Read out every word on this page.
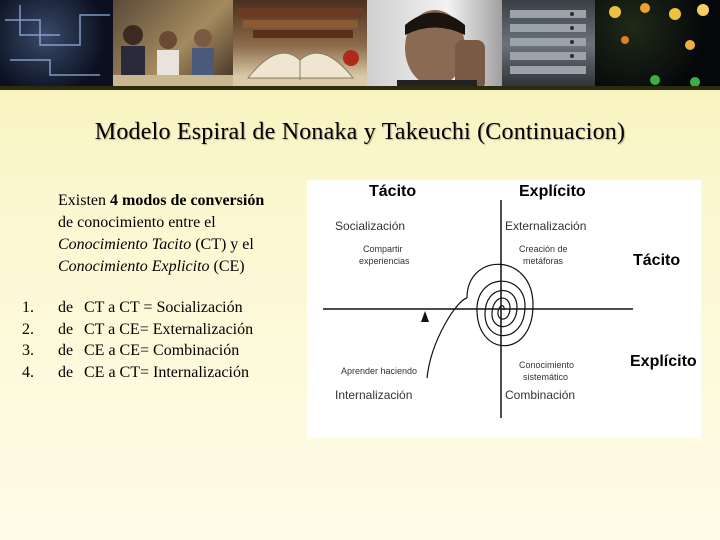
Modelo Espiral de Nonaka y Takeuchi (Continuacion)
Existen 4 modos de conversión
de conocimiento entre el
Conocimiento Tacito (CT) y el
Conocimiento Explicito (CE)
1.	de CT a CT = Socialización
2.	de CT a CE= Externalización
3.	de CE a CE= Combinación
4.	de CE a CT= Internalización
Tácito	Explícito
Tácito
Explícito
Socialización
Compartir
experiencias
Externalización
Creación de
metáforas
Aprender haciendo
Internalización
Conocimiento
sistemático
Combinación
